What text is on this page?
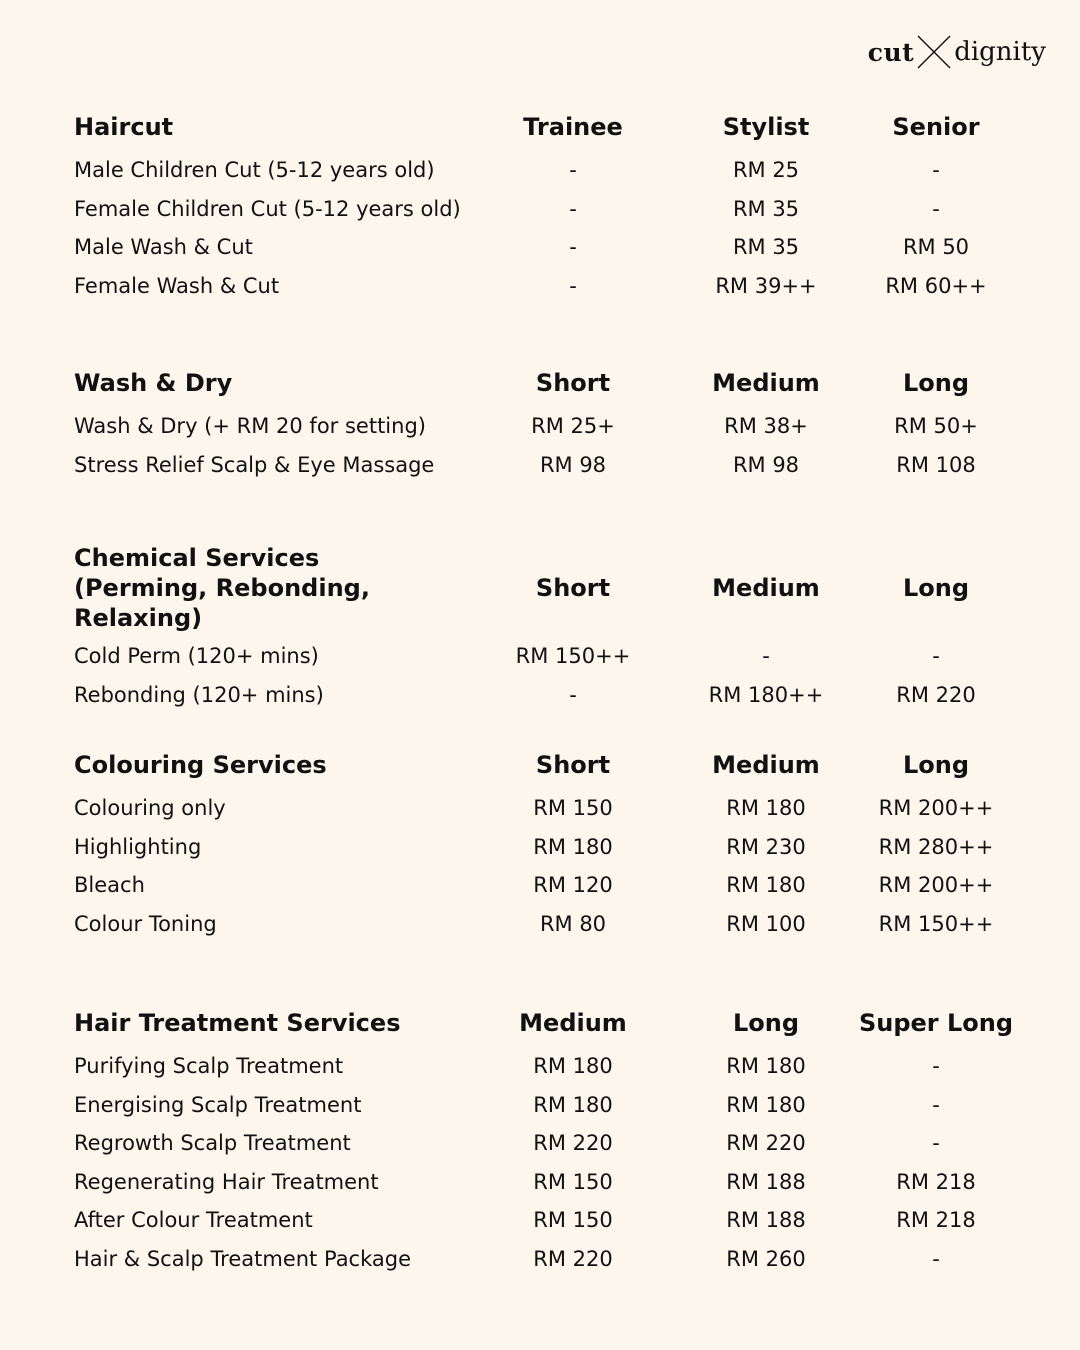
cut dignity
Haircut	Trainee	Stylist	Senior
Male Children Cut (5-12 years old)	-	RM 25	-
Female Children Cut (5-12 years old)	-	RM 35	-
Male Wash & Cut	-	RM 35	RM 50
Female Wash & Cut	-	RM 39++	RM 60++
Wash & Dry	Short	Medium	Long
Wash & Dry (+ RM 20 for setting)	RM 25+	RM 38+	RM 50+
Stress Relief Scalp & Eye Massage	RM 98	RM 98	RM 108
Chemical Services (Perming, Rebonding, Relaxing)
Short	Medium	Long
Cold Perm (120+ mins)	RM 150++	-	-
Rebonding (120+ mins)	-	RM 180++	RM 220
Colouring Services	Short	Medium	Long
Colouring only	RM 150	RM 180	RM 200++
Highlighting	RM 180	RM 230	RM 280++
Bleach	RM 120	RM 180	RM 200++
Colour Toning	RM 80	RM 100	RM 150++
Hair Treatment Services	Medium	Long	Super Long
Purifying Scalp Treatment	RM 180	RM 180	-
Energising Scalp Treatment	RM 180	RM 180	-
Regrowth Scalp Treatment	RM 220	RM 220	-
Regenerating Hair Treatment	RM 150	RM 188	RM 218
After Colour Treatment	RM 150	RM 188	RM 218
Hair & Scalp Treatment Package	RM 220	RM 260	-
